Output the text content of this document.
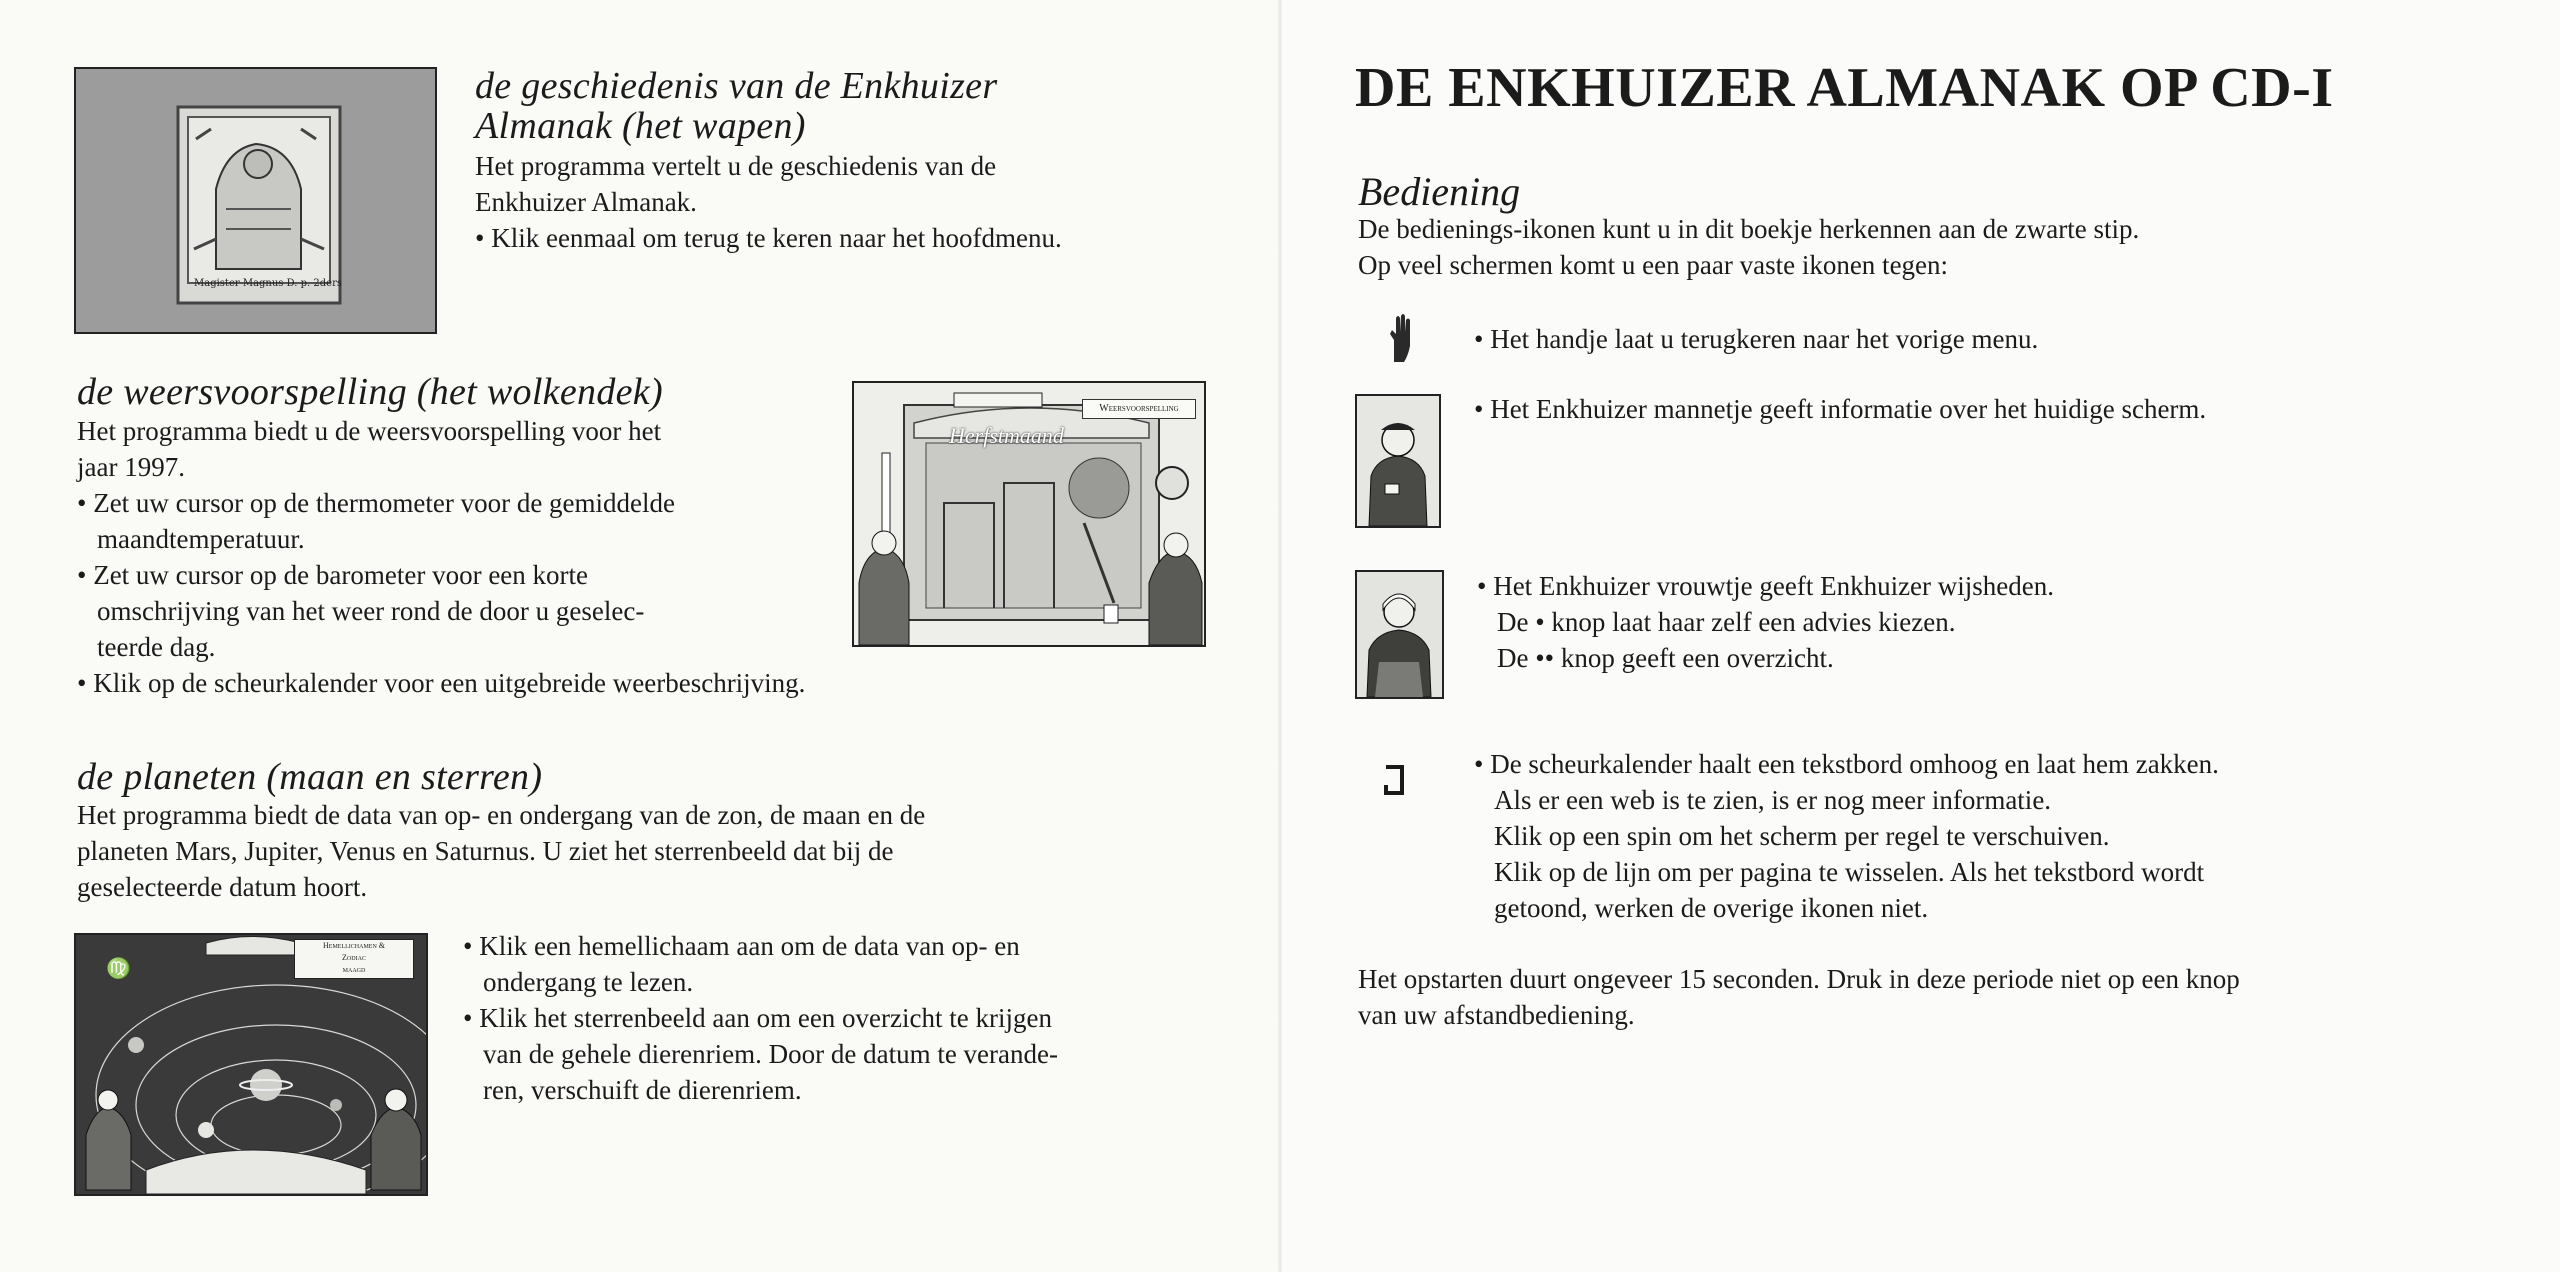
Magister Magnus D. p. 2ders
de geschiedenis van de Enkhuizer
Almanak (het wapen)
Het programma vertelt u de geschiedenis van de
Enkhuizer Almanak.
• Klik eenmaal om terug te keren naar het hoofdmenu.
de weersvoorspelling (het wolkendek)
Het programma biedt u de weersvoorspelling voor het
jaar 1997.
• Zet uw cursor op de thermometer voor de gemiddelde
maandtemperatuur.
• Zet uw cursor op de barometer voor een korte
omschrijving van het weer rond de door u geselec-
teerde dag.
• Klik op de scheurkalender voor een uitgebreide weerbeschrijving.
Weersvoorspelling
Herfstmaand
de planeten (maan en sterren)
Het programma biedt de data van op- en ondergang van de zon, de maan en de
planeten Mars, Jupiter, Venus en Saturnus. U ziet het sterrenbeeld dat bij de
geselecteerde datum hoort.
♍
Hemellichamen &
Zodiac
maagd
• Klik een hemellichaam aan om de data van op- en
ondergang te lezen.
• Klik het sterrenbeeld aan om een overzicht te krijgen
van de gehele dierenriem. Door de datum te verande-
ren, verschuift de dierenriem.
DE ENKHUIZER ALMANAK OP CD-I
Bediening
De bedienings-ikonen kunt u in dit boekje herkennen aan de zwarte stip.
Op veel schermen komt u een paar vaste ikonen tegen:
• Het handje laat u terugkeren naar het vorige menu.
• Het Enkhuizer mannetje geeft informatie over het huidige scherm.
• Het Enkhuizer vrouwtje geeft Enkhuizer wijsheden.
De • knop laat haar zelf een advies kiezen.
De •• knop geeft een overzicht.
• De scheurkalender haalt een tekstbord omhoog en laat hem zakken.
Als er een web is te zien, is er nog meer informatie.
Klik op een spin om het scherm per regel te verschuiven.
Klik op de lijn om per pagina te wisselen. Als het tekstbord wordt
getoond, werken de overige ikonen niet.
Het opstarten duurt ongeveer 15 seconden. Druk in deze periode niet op een knop
van uw afstandbediening.
